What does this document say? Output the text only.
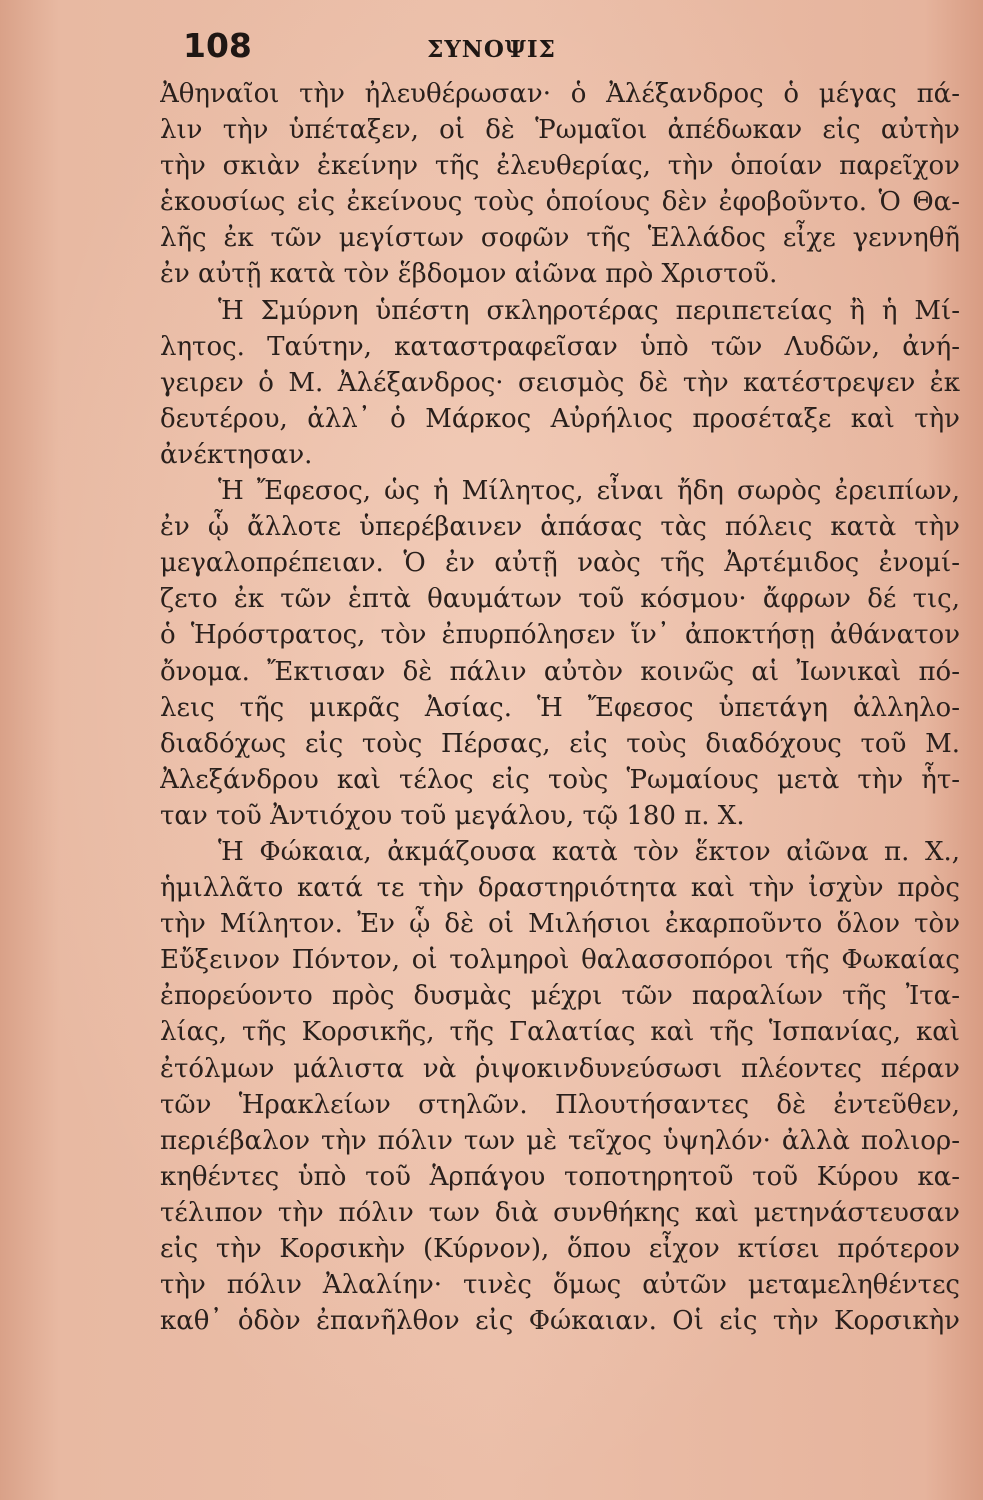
108	ΣΥΝΟΨΙΣ
Ἀθηναῖοι τὴν ἠλευθέρωσαν· ὁ Ἀλέξανδρος ὁ μέγας πά-
λιν τὴν ὑπέταξεν, οἱ δὲ Ῥωμαῖοι ἀπέδωκαν εἰς αὐτὴν
τὴν σκιὰν ἐκείνην τῆς ἐλευθερίας, τὴν ὁποίαν παρεῖχον
ἑκουσίως εἰς ἐκείνους τοὺς ὁποίους δὲν ἐφοβοῦντο. Ὁ Θα-
λῆς ἐκ τῶν μεγίστων σοφῶν τῆς Ἑλλάδος εἶχε γεννηθῆ
ἐν αὐτῇ κατὰ τὸν ἕβδομον αἰῶνα πρὸ Χριστοῦ.
Ἡ Σμύρνη ὑπέστη σκληροτέρας περιπετείας ἢ ἡ Μί-
λητος. Ταύτην, καταστραφεῖσαν ὑπὸ τῶν Λυδῶν, ἀνή-
γειρεν ὁ Μ. Ἀλέξανδρος· σεισμὸς δὲ τὴν κατέστρεψεν ἐκ
δευτέρου, ἀλλ᾽ ὁ Μάρκος Αὐρήλιος προσέταξε καὶ τὴν
ἀνέκτησαν.
Ἡ Ἔφεσος, ὡς ἡ Μίλητος, εἶναι ἤδη σωρὸς ἐρειπίων,
ἐν ᾧ ἄλλοτε ὑπερέβαινεν ἁπάσας τὰς πόλεις κατὰ τὴν
μεγαλοπρέπειαν. Ὁ ἐν αὐτῇ ναὸς τῆς Ἀρτέμιδος ἐνομί-
ζετο ἐκ τῶν ἑπτὰ θαυμάτων τοῦ κόσμου· ἄφρων δέ τις,
ὁ Ἡρόστρατος, τὸν ἐπυρπόλησεν ἵν᾽ ἀποκτήσῃ ἀθάνατον
ὄνομα. Ἔκτισαν δὲ πάλιν αὐτὸν κοινῶς αἱ Ἰωνικαὶ πό-
λεις τῆς μικρᾶς Ἀσίας. Ἡ Ἔφεσος ὑπετάγη ἀλληλο-
διαδόχως εἰς τοὺς Πέρσας, εἰς τοὺς διαδόχους τοῦ Μ.
Ἀλεξάνδρου καὶ τέλος εἰς τοὺς Ῥωμαίους μετὰ τὴν ἧτ-
ταν τοῦ Ἀντιόχου τοῦ μεγάλου, τῷ 180 π. Χ.
Ἡ Φώκαια, ἀκμάζουσα κατὰ τὸν ἕκτον αἰῶνα π. Χ.,
ἡμιλλᾶτο κατά τε τὴν δραστηριότητα καὶ τὴν ἰσχὺν πρὸς
τὴν Μίλητον. Ἐν ᾧ δὲ οἱ Μιλήσιοι ἐκαρποῦντο ὅλον τὸν
Εὔξεινον Πόντον, οἱ τολμηροὶ θαλασσοπόροι τῆς Φωκαίας
ἐπορεύοντο πρὸς δυσμὰς μέχρι τῶν παραλίων τῆς Ἰτα-
λίας, τῆς Κορσικῆς, τῆς Γαλατίας καὶ τῆς Ἱσπανίας, καὶ
ἐτόλμων μάλιστα νὰ ῥιψοκινδυνεύσωσι πλέοντες πέραν
τῶν Ἡρακλείων στηλῶν. Πλουτήσαντες δὲ ἐντεῦθεν,
περιέβαλον τὴν πόλιν των μὲ τεῖχος ὑψηλόν· ἀλλὰ πολιορ-
κηθέντες ὑπὸ τοῦ Ἁρπάγου τοποτηρητοῦ τοῦ Κύρου κα-
τέλιπον τὴν πόλιν των διὰ συνθήκης καὶ μετηνάστευσαν
εἰς τὴν Κορσικὴν (Κύρνον), ὅπου εἶχον κτίσει πρότερον
τὴν πόλιν Ἀλαλίην· τινὲς ὅμως αὐτῶν μεταμεληθέντες
καθ᾽ ὁδὸν ἐπανῆλθον εἰς Φώκαιαν. Οἱ εἰς τὴν Κορσικὴν
